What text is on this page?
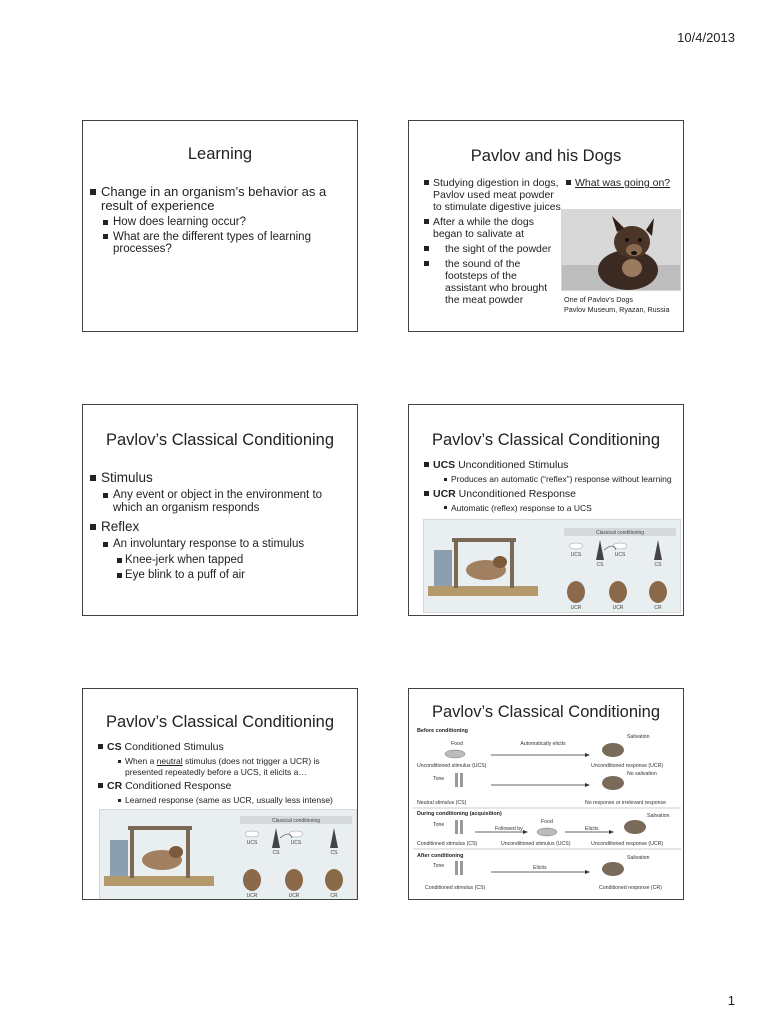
10/4/2013
Learning
Change in an organism’s behavior as a result of experience
How does learning occur?
What are the different types of learning processes?
Pavlov and his Dogs
Studying digestion in dogs, Pavlov used meat powder to stimulate digestive juices
After a while the dogs began to salivate at
the sight of the powder
the sound of the footsteps of the assistant who brought the meat powder
What was going on?
One of Pavlov’s Dogs
Pavlov Museum, Ryazan, Russia
Pavlov’s Classical Conditioning
Stimulus
Any event or object in the environment to which an organism responds
Reflex
An involuntary response to a stimulus
Knee-jerk when tapped
Eye blink to a puff of air
Pavlov’s Classical Conditioning
UCS Unconditioned Stimulus
Produces an automatic (“reflex”) response without learning
UCR Unconditioned Response
Automatic (reflex) response to a UCS
Classical conditioning
UCS
CS
UCS
CS
UCR	UCR	CR
Pavlov’s Classical Conditioning
CS Conditioned Stimulus
When a neutral stimulus (does not trigger a UCR) is presented repeatedly before a UCS, it elicits a…
CR Conditioned Response
Learned response (same as UCR, usually less intense)
Classical conditioning
UCS
CS
UCS
CS
UCR	UCR	CR
Pavlov’s Classical Conditioning
Before conditioning
Food	Automatically elicits
Salivation
Unconditioned stimulus (UCS)	Unconditioned response (UCR)
Tone
No salivation
Neutral stimulus (CS)	No response or irrelevant response
During conditioning (acquisition)
Tone
Followed by
Food
Elicits
Salivation
Conditioned stimulus (CS)	Unconditioned stimulus (UCS)	Unconditioned response (UCR)
After conditioning
Tone	Elicits
Salivation
Conditioned stimulus (CS)	Conditioned response (CR)
1
